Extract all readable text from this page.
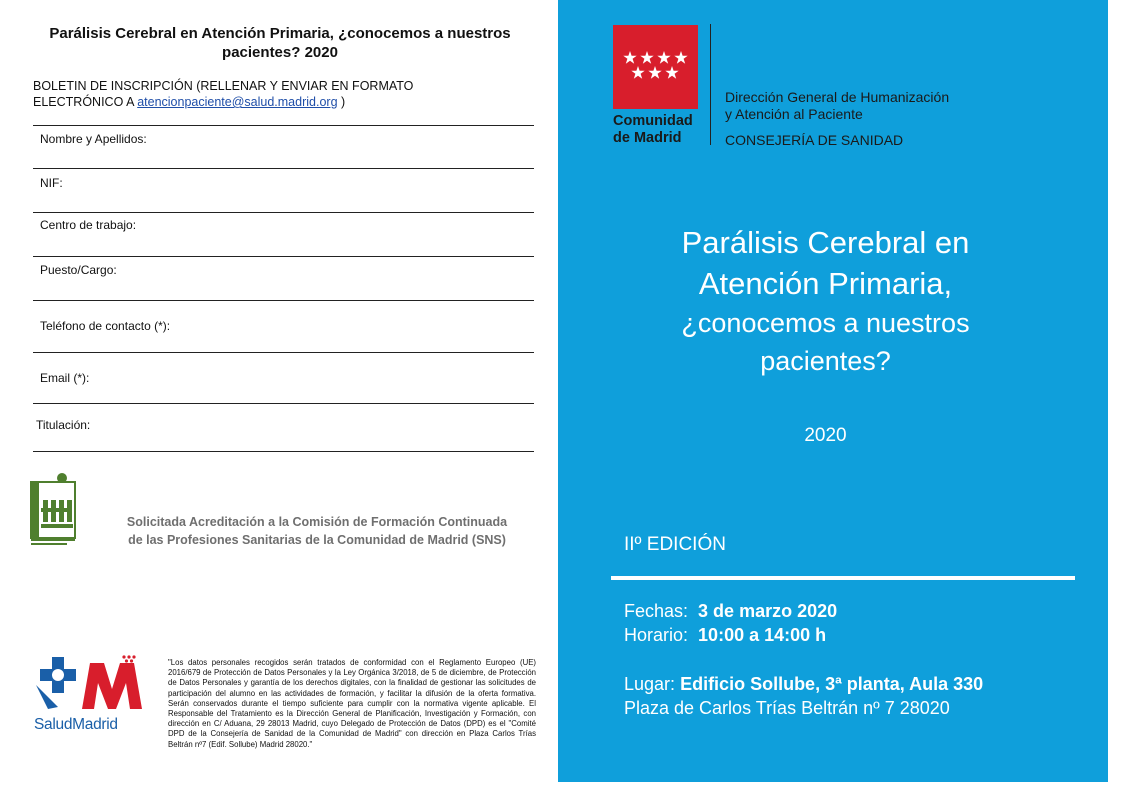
Parálisis Cerebral en Atención Primaria, ¿conocemos a nuestros pacientes? 2020
BOLETIN DE INSCRIPCIÓN (RELLENAR Y ENVIAR EN FORMATO ELECTRÓNICO A atencionpaciente@salud.madrid.org )
Nombre y Apellidos:
NIF:
Centro de trabajo:
Puesto/Cargo:
Teléfono de contacto (*):
Email (*):
Titulación:
Solicitada Acreditación a la Comisión de Formación Continuada
de las Profesiones Sanitarias de la Comunidad de Madrid (SNS)
SaludMadrid
"Los datos personales recogidos serán tratados de conformidad con el Reglamento Europeo (UE) 2016/679 de Protección de Datos Personales y la Ley Orgánica 3/2018, de 5 de diciembre, de Protección de Datos Personales y garantía de los derechos digitales, con la finalidad de gestionar las solicitudes de participación del alumno en las actividades de formación, y facilitar la difusión de la oferta formativa. Serán conservados durante el tiempo suficiente para cumplir con la normativa vigente aplicable. El Responsable del Tratamiento es la Dirección General de Planificación, Investigación y Formación, con dirección en C/ Aduana, 29 28013 Madrid, cuyo Delegado de Protección de Datos (DPD) es el "Comité DPD de la Consejería de Sanidad de la Comunidad de Madrid" con dirección en Plaza Carlos Trías Beltrán nº7 (Edif. Sollube) Madrid 28020."
Comunidad
de Madrid
Dirección General de Humanización
y Atención al Paciente
CONSEJERÍA DE SANIDAD
Parálisis Cerebral en
Atención Primaria,
¿conocemos a nuestros
pacientes?
2020
IIº EDICIÓN
Fechas: 3 de marzo 2020
Horario: 10:00 a 14:00 h
Lugar: Edificio Sollube, 3ª planta, Aula 330
Plaza de Carlos Trías Beltrán nº 7 28020
